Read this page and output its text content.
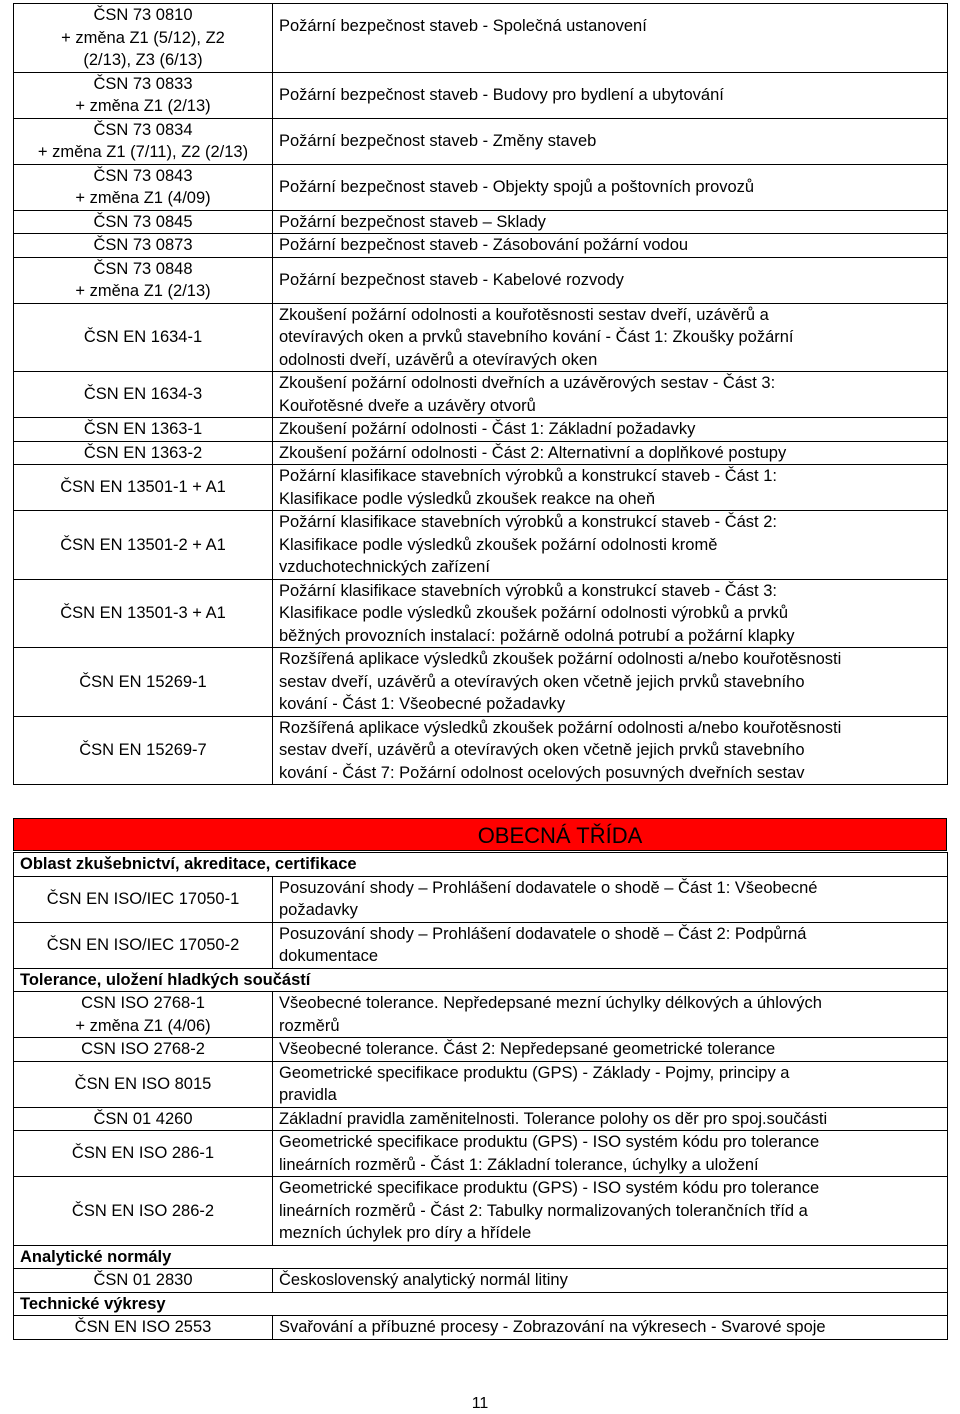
ČSN 73 0810
+ změna Z1 (5/12), Z2
(2/13), Z3 (6/13)	Požární bezpečnost staveb - Společná ustanovení

ČSN 73 0833
+ změna Z1 (2/13)	Požární bezpečnost staveb - Budovy pro bydlení a ubytování

ČSN 73 0834
+ změna Z1 (7/11), Z2 (2/13)	Požární bezpečnost staveb - Změny staveb

ČSN 73 0843
+ změna Z1 (4/09)	Požární bezpečnost staveb - Objekty spojů a poštovních provozů

ČSN 73 0845	Požární bezpečnost staveb – Sklady
ČSN 73 0873	Požární bezpečnost staveb - Zásobování požární vodou
ČSN 73 0848
+ změna Z1 (2/13)	Požární bezpečnost staveb - Kabelové rozvody

ČSN EN 1634-1	Zkoušení požární odolnosti a kouřotěsnosti sestav dveří, uzávěrů a
otevíravých oken a prvků stavebního kování - Část 1: Zkoušky požární
odolnosti dveří, uzávěrů a otevíravých oken
ČSN EN 1634-3	Zkoušení požární odolnosti dveřních a uzávěrových sestav - Část 3:
Kouřotěsné dveře a uzávěry otvorů
ČSN EN 1363-1	Zkoušení požární odolnosti - Část 1: Základní požadavky
ČSN EN 1363-2	Zkoušení požární odolnosti - Část 2: Alternativní a doplňkové postupy
ČSN EN 13501-1 + A1	Požární klasifikace stavebních výrobků a konstrukcí staveb - Část 1:
Klasifikace podle výsledků zkoušek reakce na oheň
ČSN EN 13501-2 + A1	Požární klasifikace stavebních výrobků a konstrukcí staveb - Část 2:
Klasifikace podle výsledků zkoušek požární odolnosti kromě
vzduchotechnických zařízení
ČSN EN 13501-3 + A1	Požární klasifikace stavebních výrobků a konstrukcí staveb - Část 3:
Klasifikace podle výsledků zkoušek požární odolnosti výrobků a prvků
běžných provozních instalací: požárně odolná potrubí a požární klapky
ČSN EN 15269-1	Rozšířená aplikace výsledků zkoušek požární odolnosti a/nebo kouřotěsnosti
sestav dveří, uzávěrů a otevíravých oken včetně jejich prvků stavebního
kování - Část 1: Všeobecné požadavky
ČSN EN 15269-7	Rozšířená aplikace výsledků zkoušek požární odolnosti a/nebo kouřotěsnosti
sestav dveří, uzávěrů a otevíravých oken včetně jejich prvků stavebního
kování - Část 7: Požární odolnost ocelových posuvných dveřních sestav
OBECNÁ TŘÍDA
Oblast zkušebnictví, akreditace, certifikace	
ČSN EN ISO/IEC 17050-1	Posuzování shody – Prohlášení dodavatele o shodě – Část 1: Všeobecné
požadavky
ČSN EN ISO/IEC 17050-2	Posuzování shody – Prohlášení dodavatele o shodě – Část 2: Podpůrná
dokumentace
Tolerance, uložení hladkých součástí	
CSN ISO 2768-1
+ změna Z1 (4/06)	Všeobecné tolerance. Nepředepsané mezní úchylky délkových a úhlových
rozměrů
CSN ISO 2768-2	Všeobecné tolerance. Část 2: Nepředepsané geometrické tolerance
ČSN EN ISO 8015	Geometrické specifikace produktu (GPS) - Základy - Pojmy, principy a
pravidla
ČSN 01 4260	Základní pravidla zaměnitelnosti. Tolerance polohy os děr pro spoj.součásti
ČSN EN ISO 286-1	Geometrické specifikace produktu (GPS) - ISO systém kódu pro tolerance
lineárních rozměrů - Část 1: Základní tolerance, úchylky a uložení
ČSN EN ISO 286-2	Geometrické specifikace produktu (GPS) - ISO systém kódu pro tolerance
lineárních rozměrů - Část 2: Tabulky normalizovaných tolerančních tříd a
mezních úchylek pro díry a hřídele
Analytické normály	
ČSN 01 2830	Československý analytický normál litiny
Technické výkresy	
ČSN EN ISO 2553	Svařování a příbuzné procesy - Zobrazování na výkresech - Svarové spoje
11
